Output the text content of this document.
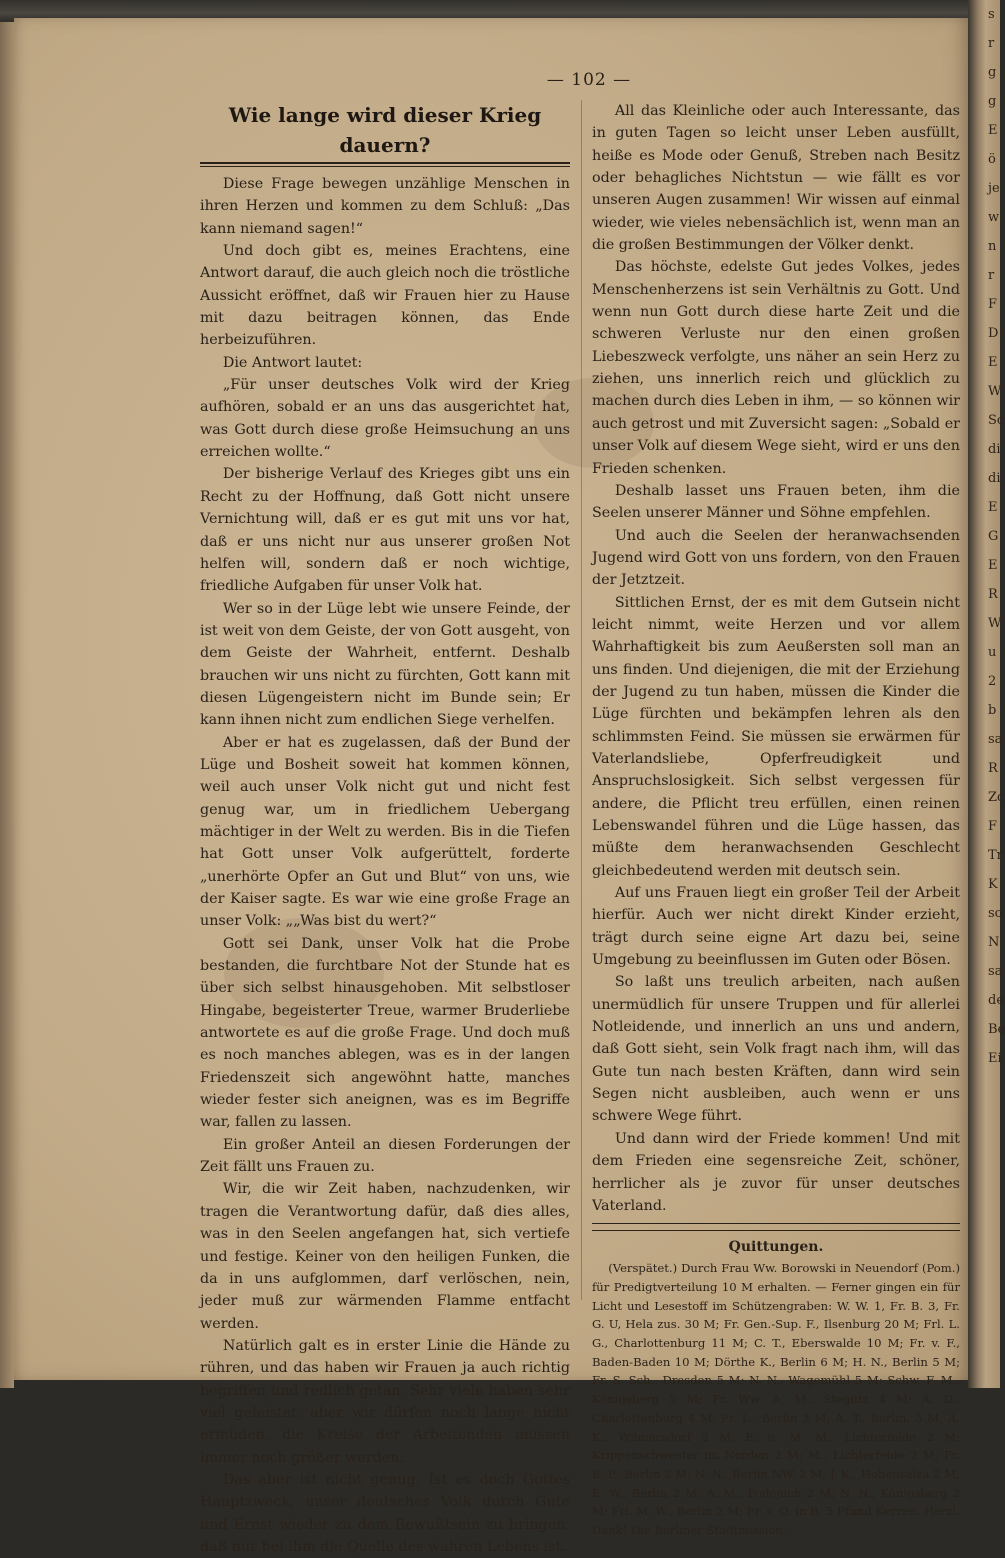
s
r
g
g
E
ö
je
w
n
r
F
D
E
W
Sc
di
di
E
G
E
R
W
u
2
b
sa
R
Zc
F
Tr
K
so
N
sa
de
Be
Ei
— 102 —
Wie lange wird dieser Krieg dauern?

Diese Frage bewegen unzählige Menschen in ihren Herzen und kommen zu dem Schluß: „Das kann niemand sagen!“

Und doch gibt es, meines Erachtens, eine Antwort darauf, die auch gleich noch die tröstliche Aussicht eröffnet, daß wir Frauen hier zu Hause mit dazu beitragen können, das Ende herbeizuführen.

Die Antwort lautet:

„Für unser deutsches Volk wird der Krieg aufhören, sobald er an uns das ausgerichtet hat, was Gott durch diese große Heimsuchung an uns erreichen wollte.“

Der bisherige Verlauf des Krieges gibt uns ein Recht zu der Hoffnung, daß Gott nicht unsere Vernichtung will, daß er es gut mit uns vor hat, daß er uns nicht nur aus unserer großen Not helfen will, sondern daß er noch wichtige, friedliche Aufgaben für unser Volk hat.

Wer so in der Lüge lebt wie unsere Feinde, der ist weit von dem Geiste, der von Gott ausgeht, von dem Geiste der Wahrheit, entfernt. Deshalb brauchen wir uns nicht zu fürchten, Gott kann mit diesen Lügengeistern nicht im Bunde sein; Er kann ihnen nicht zum endlichen Siege verhelfen.

Aber er hat es zugelassen, daß der Bund der Lüge und Bosheit soweit hat kommen können, weil auch unser Volk nicht gut und nicht fest genug war, um in friedlichem Uebergang mächtiger in der Welt zu werden. Bis in die Tiefen hat Gott unser Volk aufgerüttelt, forderte „unerhörte Opfer an Gut und Blut“ von uns, wie der Kaiser sagte. Es war wie eine große Frage an unser Volk: „„Was bist du wert?“

Gott sei Dank, unser Volk hat die Probe bestanden, die furchtbare Not der Stunde hat es über sich selbst hinausgehoben. Mit selbstloser Hingabe, begeisterter Treue, warmer Bruderliebe antwortete es auf die große Frage. Und doch muß es noch manches ablegen, was es in der langen Friedenszeit sich angewöhnt hatte, manches wieder fester sich aneignen, was es im Begriffe war, fallen zu lassen.

Ein großer Anteil an diesen Forderungen der Zeit fällt uns Frauen zu.

Wir, die wir Zeit haben, nachzudenken, wir tragen die Verantwortung dafür, daß dies alles, was in den Seelen angefangen hat, sich vertiefe und festige. Keiner von den heiligen Funken, die da in uns aufglommen, darf verlöschen, nein, jeder muß zur wärmenden Flamme entfacht werden.

Natürlich galt es in erster Linie die Hände zu rühren, und das haben wir Frauen ja auch richtig begriffen und redlich getan. Sehr viele haben sehr viel geleistet, aber wir dürfen noch lange nicht ermüden, die Kreise der Arbeitenden müssen immer noch größer werden.

Das aber ist nicht genug. Ist es doch Gottes Hauptzweck, unser deutsches Volk durch Güte und Ernst wieder zu dem Bewußtsein zu bringen, daß nur bei ihm die Quelle des wahren Lebens ist.

All das Kleinliche oder auch Interessante, das in guten Tagen so leicht unser Leben ausfüllt, heiße es Mode oder Genuß, Streben nach Besitz oder behagliches Nichtstun — wie fällt es vor unseren Augen zusammen! Wir wissen auf einmal wieder, wie vieles nebensächlich ist, wenn man an die großen Bestimmungen der Völker denkt.

Das höchste, edelste Gut jedes Volkes, jedes Menschenherzens ist sein Verhältnis zu Gott. Und wenn nun Gott durch diese harte Zeit und die schweren Verluste nur den einen großen Liebeszweck verfolgte, uns näher an sein Herz zu ziehen, uns innerlich reich und glücklich zu machen durch dies Leben in ihm, — so können wir auch getrost und mit Zuversicht sagen: „Sobald er unser Volk auf diesem Wege sieht, wird er uns den Frieden schenken.

Deshalb lasset uns Frauen beten, ihm die Seelen unserer Männer und Söhne empfehlen.

Und auch die Seelen der heranwachsenden Jugend wird Gott von uns fordern, von den Frauen der Jetztzeit.

Sittlichen Ernst, der es mit dem Gutsein nicht leicht nimmt, weite Herzen und vor allem Wahrhaftigkeit bis zum Aeußersten soll man an uns finden. Und diejenigen, die mit der Erziehung der Jugend zu tun haben, müssen die Kinder die Lüge fürchten und bekämpfen lehren als den schlimmsten Feind. Sie müssen sie erwärmen für Vaterlandsliebe, Opferfreudigkeit und Anspruchslosigkeit. Sich selbst vergessen für andere, die Pflicht treu erfüllen, einen reinen Lebenswandel führen und die Lüge hassen, das müßte dem heranwachsenden Geschlecht gleichbedeutend werden mit deutsch sein.

Auf uns Frauen liegt ein großer Teil der Arbeit hierfür. Auch wer nicht direkt Kinder erzieht, trägt durch seine eigne Art dazu bei, seine Umgebung zu beeinflussen im Guten oder Bösen.

So laßt uns treulich arbeiten, nach außen unermüdlich für unsere Truppen und für allerlei Notleidende, und innerlich an uns und andern, daß Gott sieht, sein Volk fragt nach ihm, will das Gute tun nach besten Kräften, dann wird sein Segen nicht ausbleiben, auch wenn er uns schwere Wege führt.

Und dann wird der Friede kommen! Und mit dem Frieden eine segensreiche Zeit, schöner, herrlicher als je zuvor für unser deutsches Vaterland.

Quittungen.

(Verspätet.) Durch Frau Ww. Borowski in Neuendorf (Pom.) für Predigtverteilung 10 M erhalten. — Ferner gingen ein für Licht und Lesestoff im Schützengraben: W. W. 1, Fr. B. 3, Fr. G. U, Hela zus. 30 M; Fr. Gen.-Sup. F., Ilsenburg 20 M; Frl. L. G., Charlottenburg 11 M; C. T., Eberswalde 10 M; Fr. v. F., Baden-Baden 10 M; Dörthe K., Berlin 6 M; H. N., Berlin 5 M; Fr. S. Sch., Dresden 5 M; N. N., Wagemühl 5 M; Schw. F. M., Königsberg 5 M; Fr. Ww. A. M., Steglitz 4 M; A. D., Charlottenburg 4 M; Fr. L., Berlin 3 M; A. T., Berlin, 3 M; A. K., Wilmersdorf 2 M; E. u. M. M., Lichterfelde 2 M; Krippenschwester im Norden 2 M; M., Lichterfelde 2 M; Fr. E. P., Berlin 2 M; N. N., Berlin NW. 2 M; J. K., Hohensalza 2 M; E. W., Berlin 2 M; A. M., Podejuch 2 M; N. N., Königsberg 2 M; Frl. M. W., Berlin 2 M; Fr. v. O. in B. 5 Pfund Kerzen. Herzl. Dank! Die Berliner Stadtmission.
